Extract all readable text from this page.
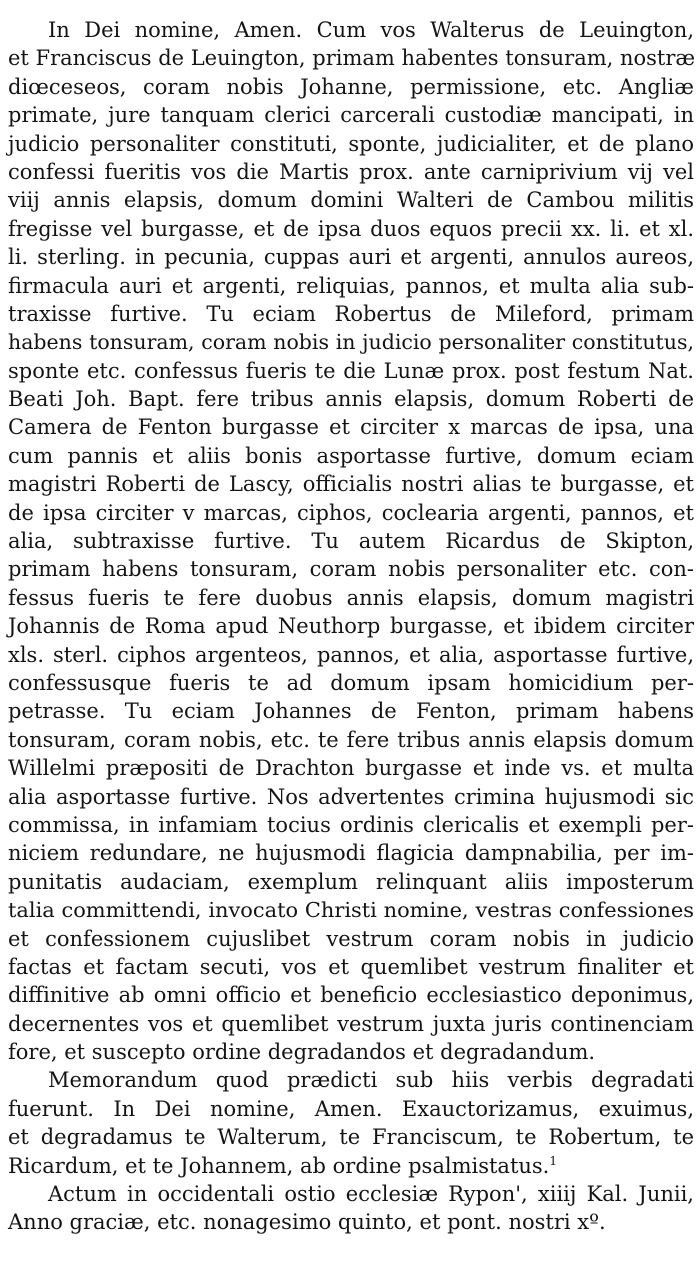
In Dei nomine, Amen. Cum vos Walterus de Leuington,
et Franciscus de Leuington, primam habentes tonsuram, nostræ
diœceseos, coram nobis Johanne, permissione, etc. Angliæ
primate, jure tanquam clerici carcerali custodiæ mancipati, in
judicio personaliter constituti, sponte, judicialiter, et de plano
confessi fueritis vos die Martis prox. ante carniprivium vij vel
viij annis elapsis, domum domini Walteri de Cambou militis
fregisse vel burgasse, et de ipsa duos equos precii xx. li. et xl.
li. sterling. in pecunia, cuppas auri et argenti, annulos aureos,
firmacula auri et argenti, reliquias, pannos, et multa alia sub-
traxisse furtive. Tu eciam Robertus de Mileford, primam
habens tonsuram, coram nobis in judicio personaliter constitutus,
sponte etc. confessus fueris te die Lunæ prox. post festum Nat.
Beati Joh. Bapt. fere tribus annis elapsis, domum Roberti de
Camera de Fenton burgasse et circiter x marcas de ipsa, una
cum pannis et aliis bonis asportasse furtive, domum eciam
magistri Roberti de Lascy, officialis nostri alias te burgasse, et
de ipsa circiter v marcas, ciphos, coclearia argenti, pannos, et
alia, subtraxisse furtive. Tu autem Ricardus de Skipton,
primam habens tonsuram, coram nobis personaliter etc. con-
fessus fueris te fere duobus annis elapsis, domum magistri
Johannis de Roma apud Neuthorp burgasse, et ibidem circiter
xls. sterl. ciphos argenteos, pannos, et alia, asportasse furtive,
confessusque fueris te ad domum ipsam homicidium per-
petrasse. Tu eciam Johannes de Fenton, primam habens
tonsuram, coram nobis, etc. te fere tribus annis elapsis domum
Willelmi præpositi de Drachton burgasse et inde vs. et multa
alia asportasse furtive. Nos advertentes crimina hujusmodi sic
commissa, in infamiam tocius ordinis clericalis et exempli per-
niciem redundare, ne hujusmodi flagicia dampnabilia, per im-
punitatis audaciam, exemplum relinquant aliis imposterum
talia committendi, invocato Christi nomine, vestras confessiones
et confessionem cujuslibet vestrum coram nobis in judicio
factas et factam secuti, vos et quemlibet vestrum finaliter et
diffinitive ab omni officio et beneficio ecclesiastico deponimus,
decernentes vos et quemlibet vestrum juxta juris continenciam
fore, et suscepto ordine degradandos et degradandum.

Memorandum quod prædicti sub hiis verbis degradati
fuerunt. In Dei nomine, Amen. Exauctorizamus, exuimus,
et degradamus te Walterum, te Franciscum, te Robertum, te
Ricardum, et te Johannem, ab ordine psalmistatus.$^1$

Actum in occidentali ostio ecclesiæ Rypon', xiiij Kal. Junii,
Anno graciæ, etc. nonagesimo quinto, et pont. nostri xº.
